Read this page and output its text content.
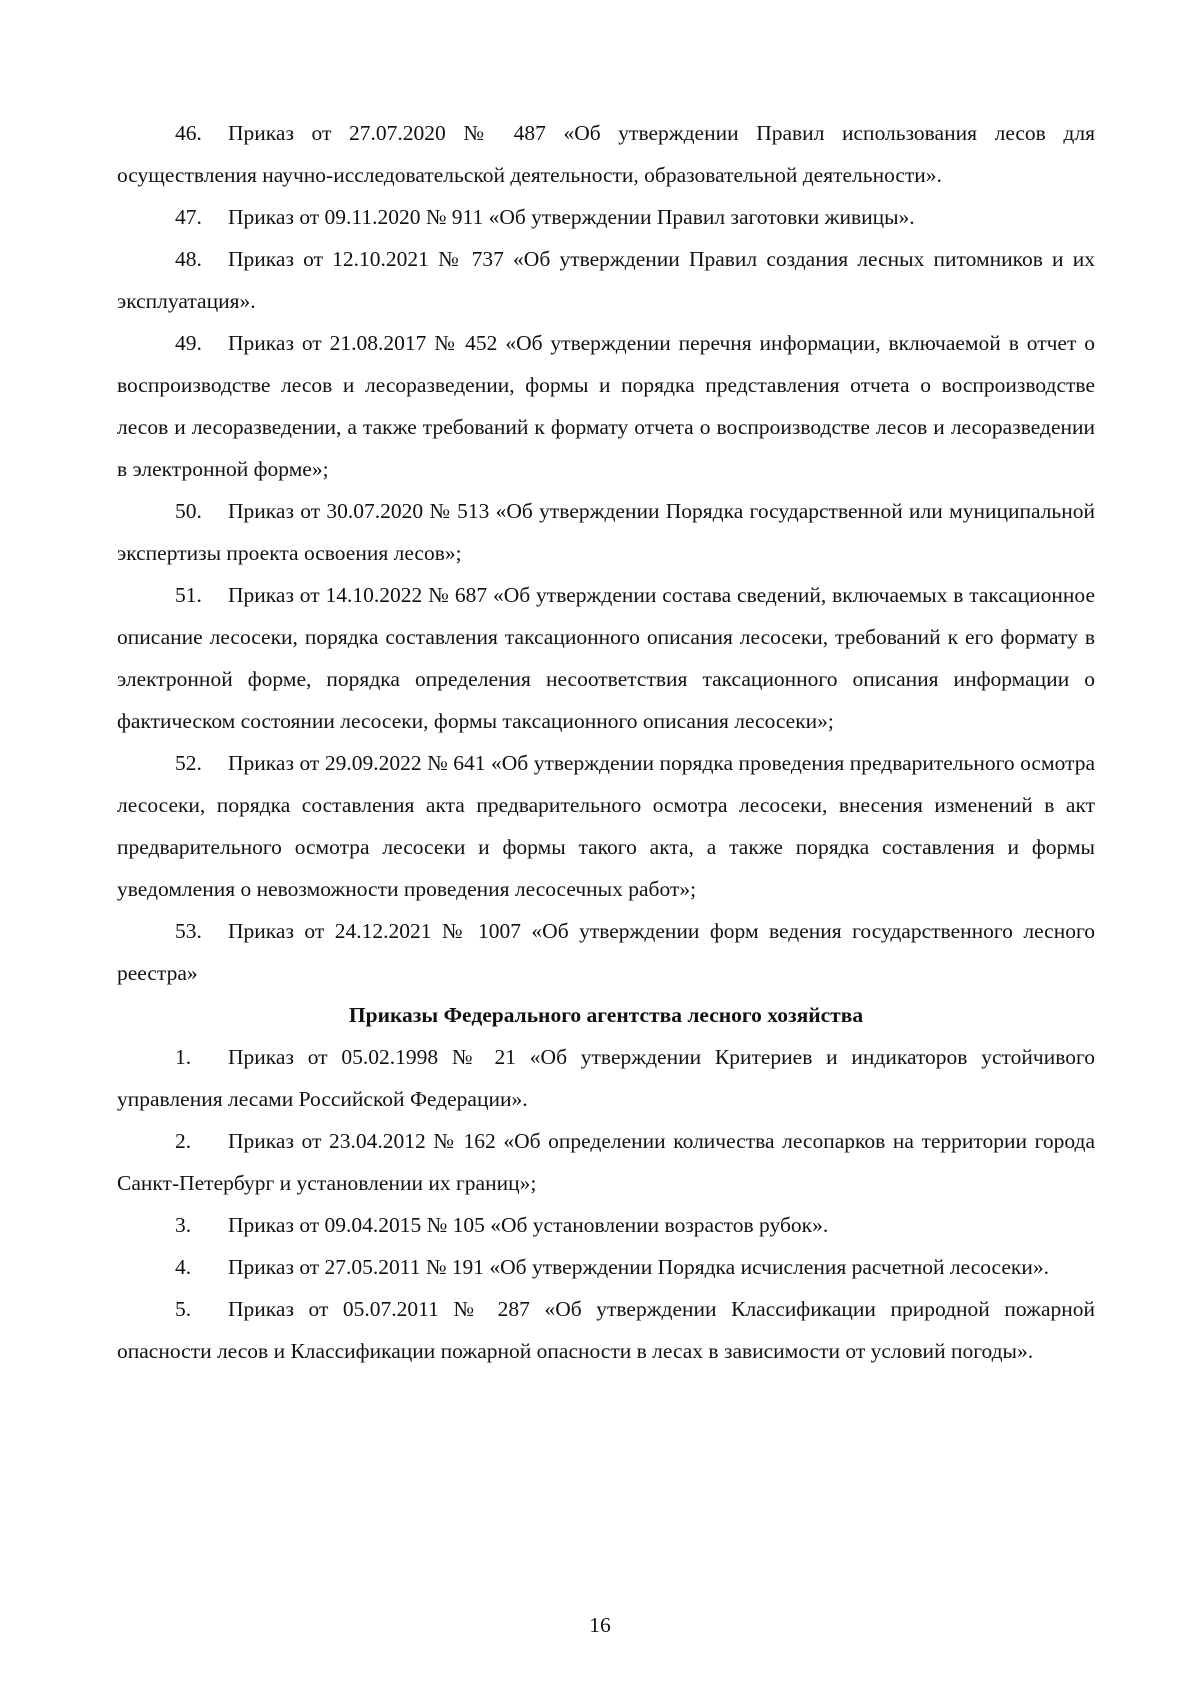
46. Приказ от 27.07.2020 № 487 «Об утверждении Правил использования лесов для осуществления научно-исследовательской деятельности, образовательной деятельности».

47. Приказ от 09.11.2020 № 911 «Об утверждении Правил заготовки живицы».

48. Приказ от 12.10.2021 № 737 «Об утверждении Правил создания лесных питомников и их эксплуатация».

49. Приказ от 21.08.2017 № 452 «Об утверждении перечня информации, включаемой в отчет о воспроизводстве лесов и лесоразведении, формы и порядка представления отчета о воспроизводстве лесов и лесоразведении, а также требований к формату отчета о воспроизводстве лесов и лесоразведении в электронной форме»;

50. Приказ от 30.07.2020 № 513 «Об утверждении Порядка государственной или муниципальной экспертизы проекта освоения лесов»;

51. Приказ от 14.10.2022 № 687 «Об утверждении состава сведений, включаемых в таксационное описание лесосеки, порядка составления таксационного описания лесосеки, требований к его формату в электронной форме, порядка определения несоответствия таксационного описания информации о фактическом состоянии лесосеки, формы таксационного описания лесосеки»;

52. Приказ от 29.09.2022 № 641 «Об утверждении порядка проведения предварительного осмотра лесосеки, порядка составления акта предварительного осмотра лесосеки, внесения изменений в акт предварительного осмотра лесосеки и формы такого акта, а также порядка составления и формы уведомления о невозможности проведения лесосечных работ»;

53. Приказ от 24.12.2021 № 1007 «Об утверждении форм ведения государственного лесного реестра»

Приказы Федерального агентства лесного хозяйства

1. Приказ от 05.02.1998 № 21 «Об утверждении Критериев и индикаторов устойчивого управления лесами Российской Федерации».

2. Приказ от 23.04.2012 № 162 «Об определении количества лесопарков на территории города Санкт-Петербург и установлении их границ»;

3. Приказ от 09.04.2015 № 105 «Об установлении возрастов рубок».

4. Приказ от 27.05.2011 № 191 «Об утверждении Порядка исчисления расчетной лесосеки».

5. Приказ от 05.07.2011 № 287 «Об утверждении Классификации природной пожарной опасности лесов и Классификации пожарной опасности в лесах в зависимости от условий погоды».

16
